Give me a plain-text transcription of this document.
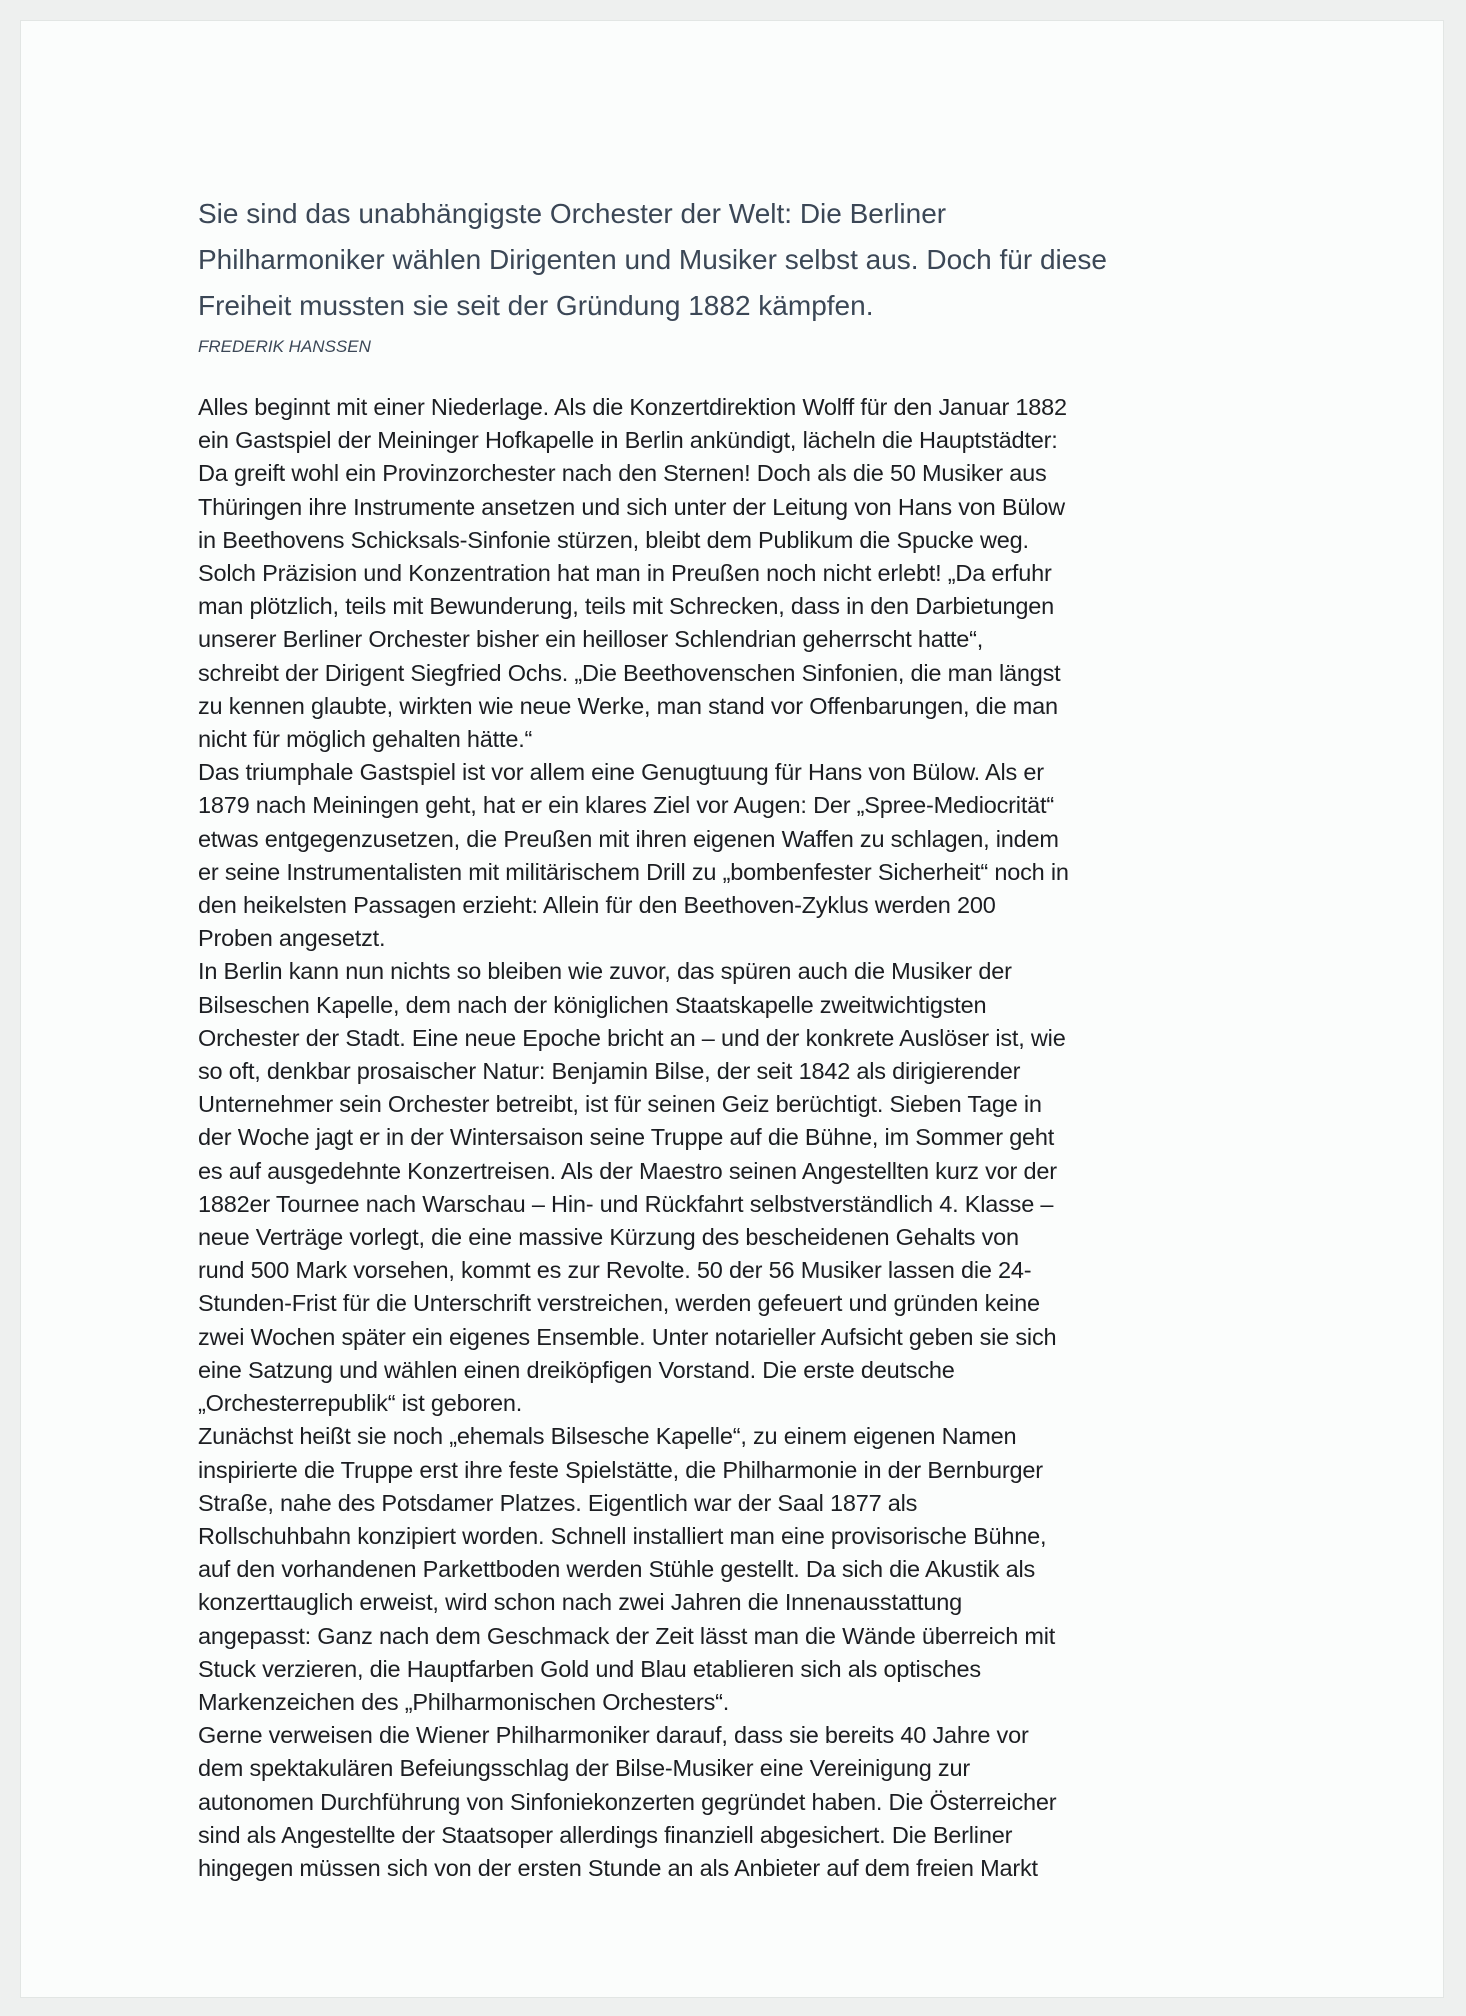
Sie sind das unabhängigste Orchester der Welt: Die Berliner
Philharmoniker wählen Dirigenten und Musiker selbst aus. Doch für diese
Freiheit mussten sie seit der Gründung 1882 kämpfen.
FREDERIK HANSSEN
Alles beginnt mit einer Niederlage. Als die Konzertdirektion Wolff für den Januar 1882
ein Gastspiel der Meininger Hofkapelle in Berlin ankündigt, lächeln die Hauptstädter:
Da greift wohl ein Provinzorchester nach den Sternen! Doch als die 50 Musiker aus
Thüringen ihre Instrumente ansetzen und sich unter der Leitung von Hans von Bülow
in Beethovens Schicksals-Sinfonie stürzen, bleibt dem Publikum die Spucke weg.
Solch Präzision und Konzentration hat man in Preußen noch nicht erlebt! „Da erfuhr
man plötzlich, teils mit Bewunderung, teils mit Schrecken, dass in den Darbietungen
unserer Berliner Orchester bisher ein heilloser Schlendrian geherrscht hatte“,
schreibt der Dirigent Siegfried Ochs. „Die Beethovenschen Sinfonien, die man längst
zu kennen glaubte, wirkten wie neue Werke, man stand vor Offenbarungen, die man
nicht für möglich gehalten hätte.“
Das triumphale Gastspiel ist vor allem eine Genugtuung für Hans von Bülow. Als er
1879 nach Meiningen geht, hat er ein klares Ziel vor Augen: Der „Spree-Mediocrität“
etwas entgegenzusetzen, die Preußen mit ihren eigenen Waffen zu schlagen, indem
er seine Instrumentalisten mit militärischem Drill zu „bombenfester Sicherheit“ noch in
den heikelsten Passagen erzieht: Allein für den Beethoven-Zyklus werden 200
Proben angesetzt.
In Berlin kann nun nichts so bleiben wie zuvor, das spüren auch die Musiker der
Bilseschen Kapelle, dem nach der königlichen Staatskapelle zweitwichtigsten
Orchester der Stadt. Eine neue Epoche bricht an – und der konkrete Auslöser ist, wie
so oft, denkbar prosaischer Natur: Benjamin Bilse, der seit 1842 als dirigierender
Unternehmer sein Orchester betreibt, ist für seinen Geiz berüchtigt. Sieben Tage in
der Woche jagt er in der Wintersaison seine Truppe auf die Bühne, im Sommer geht
es auf ausgedehnte Konzertreisen. Als der Maestro seinen Angestellten kurz vor der
1882er Tournee nach Warschau – Hin- und Rückfahrt selbstverständlich 4. Klasse –
neue Verträge vorlegt, die eine massive Kürzung des bescheidenen Gehalts von
rund 500 Mark vorsehen, kommt es zur Revolte. 50 der 56 Musiker lassen die 24-
Stunden-Frist für die Unterschrift verstreichen, werden gefeuert und gründen keine
zwei Wochen später ein eigenes Ensemble. Unter notarieller Aufsicht geben sie sich
eine Satzung und wählen einen dreiköpfigen Vorstand. Die erste deutsche
„Orchesterrepublik“ ist geboren.
Zunächst heißt sie noch „ehemals Bilsesche Kapelle“, zu einem eigenen Namen
inspirierte die Truppe erst ihre feste Spielstätte, die Philharmonie in der Bernburger
Straße, nahe des Potsdamer Platzes. Eigentlich war der Saal 1877 als
Rollschuhbahn konzipiert worden. Schnell installiert man eine provisorische Bühne,
auf den vorhandenen Parkettboden werden Stühle gestellt. Da sich die Akustik als
konzerttauglich erweist, wird schon nach zwei Jahren die Innenausstattung
angepasst: Ganz nach dem Geschmack der Zeit lässt man die Wände überreich mit
Stuck verzieren, die Hauptfarben Gold und Blau etablieren sich als optisches
Markenzeichen des „Philharmonischen Orchesters“.
Gerne verweisen die Wiener Philharmoniker darauf, dass sie bereits 40 Jahre vor
dem spektakulären Befeiungsschlag der Bilse-Musiker eine Vereinigung zur
autonomen Durchführung von Sinfoniekonzerten gegründet haben. Die Österreicher
sind als Angestellte der Staatsoper allerdings finanziell abgesichert. Die Berliner
hingegen müssen sich von der ersten Stunde an als Anbieter auf dem freien Markt
